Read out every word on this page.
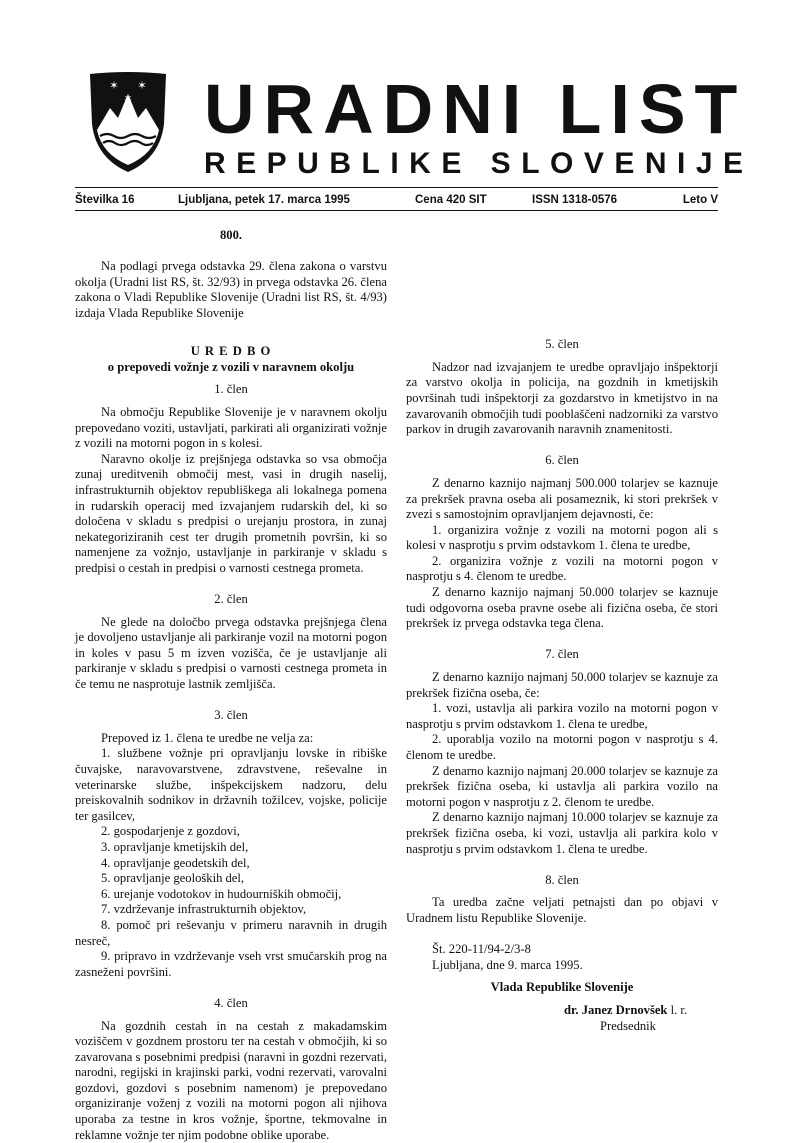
✶ ✶
✶ URADNI LIST
REPUBLIKE SLOVENIJE
Številka 16	Ljubljana, petek 17. marca 1995	Cena 420 SIT	ISSN 1318-0576	Leto V

800.

Na podlagi prvega odstavka 29. člena zakona o varstvu okolja (Uradni list RS, št. 32/93) in prvega odstavka 26. člena zakona o Vladi Republike Slovenije (Uradni list RS, št. 4/93) izdaja Vlada Republike Slovenije

U R E D B O

o prepovedi vožnje z vozili v naravnem okolju

1. člen

Na območju Republike Slovenije je v naravnem okolju prepovedano voziti, ustavljati, parkirati ali organizirati vožnje z vozili na motorni pogon in s kolesi.

Naravno okolje iz prejšnjega odstavka so vsa območja zunaj ureditvenih območij mest, vasi in drugih naselij, infrastrukturnih objektov republiškega ali lokalnega pomena in rudarskih operacij med izvajanjem rudarskih del, ki so določena v skladu s predpisi o urejanju prostora, in zunaj nekategoriziranih cest ter drugih prometnih površin, ki so namenjene za vožnjo, ustavljanje in parkiranje v skladu s predpisi o cestah in predpisi o varnosti cestnega prometa.

2. člen

Ne glede na določbo prvega odstavka prejšnjega člena je dovoljeno ustavljanje ali parkiranje vozil na motorni pogon in koles v pasu 5 m izven vozišča, če je ustavljanje ali parkiranje v skladu s predpisi o varnosti cestnega prometa in če temu ne nasprotuje lastnik zemljišča.

3. člen

Prepoved iz 1. člena te uredbe ne velja za:

1. službene vožnje pri opravljanju lovske in ribiške čuvajske, naravovarstvene, zdravstvene, reševalne in veterinarske službe, inšpekcijskem nadzoru, delu preiskovalnih sodnikov in državnih tožilcev, vojske, policije ter gasilcev,

2. gospodarjenje z gozdovi,

3. opravljanje kmetijskih del,

4. opravljanje geodetskih del,

5. opravljanje geoloških del,

6. urejanje vodotokov in hudourniških območij,

7. vzdrževanje infrastrukturnih objektov,

8. pomoč pri reševanju v primeru naravnih in drugih nesreč,

9. pripravo in vzdrževanje vseh vrst smučarskih prog na zasneženi površini.

4. člen

Na gozdnih cestah in na cestah z makadamskim voziščem v gozdnem prostoru ter na cestah v območjih, ki so zavarovana s posebnimi predpisi (naravni in gozdni rezervati, narodni, regijski in krajinski parki, vodni rezervati, varovalni gozdovi, gozdovi s posebnim namenom) je prepovedano organiziranje voženj z vozili na motorni pogon ali njihova uporaba za testne in kros vožnje, športne, tekmovalne in reklamne vožnje ter njim podobne oblike uporabe.

5. člen

Nadzor nad izvajanjem te uredbe opravljajo inšpektorji za varstvo okolja in policija, na gozdnih in kmetijskih površinah tudi inšpektorji za gozdarstvo in kmetijstvo in na zavarovanih območjih tudi pooblaščeni nadzorniki za varstvo parkov in drugih zavarovanih naravnih znamenitosti.

6. člen

Z denarno kaznijo najmanj 500.000 tolarjev se kaznuje za prekršek pravna oseba ali posameznik, ki stori prekršek v zvezi s samostojnim opravljanjem dejavnosti, če:

1. organizira vožnje z vozili na motorni pogon ali s kolesi v nasprotju s prvim odstavkom 1. člena te uredbe,

2. organizira vožnje z vozili na motorni pogon v nasprotju s 4. členom te uredbe.

Z denarno kaznijo najmanj 50.000 tolarjev se kaznuje tudi odgovorna oseba pravne osebe ali fizična oseba, če stori prekršek iz prvega odstavka tega člena.

7. člen

Z denarno kaznijo najmanj 50.000 tolarjev se kaznuje za prekršek fizična oseba, če:

1. vozi, ustavlja ali parkira vozilo na motorni pogon v nasprotju s prvim odstavkom 1. člena te uredbe,

2. uporablja vozilo na motorni pogon v nasprotju s 4. členom te uredbe.

Z denarno kaznijo najmanj 20.000 tolarjev se kaznuje za prekršek fizična oseba, ki ustavlja ali parkira vozilo na motorni pogon v nasprotju z 2. členom te uredbe.

Z denarno kaznijo najmanj 10.000 tolarjev se kaznuje za prekršek fizična oseba, ki vozi, ustavlja ali parkira kolo v nasprotju s prvim odstavkom 1. člena te uredbe.

8. člen

Ta uredba začne veljati petnajsti dan po objavi v Uradnem listu Republike Slovenije.

Št. 220-11/94-2/3-8

Ljubljana, dne 9. marca 1995.

Vlada Republike Slovenije

dr. Janez Drnovšek l. r.

Predsednik
